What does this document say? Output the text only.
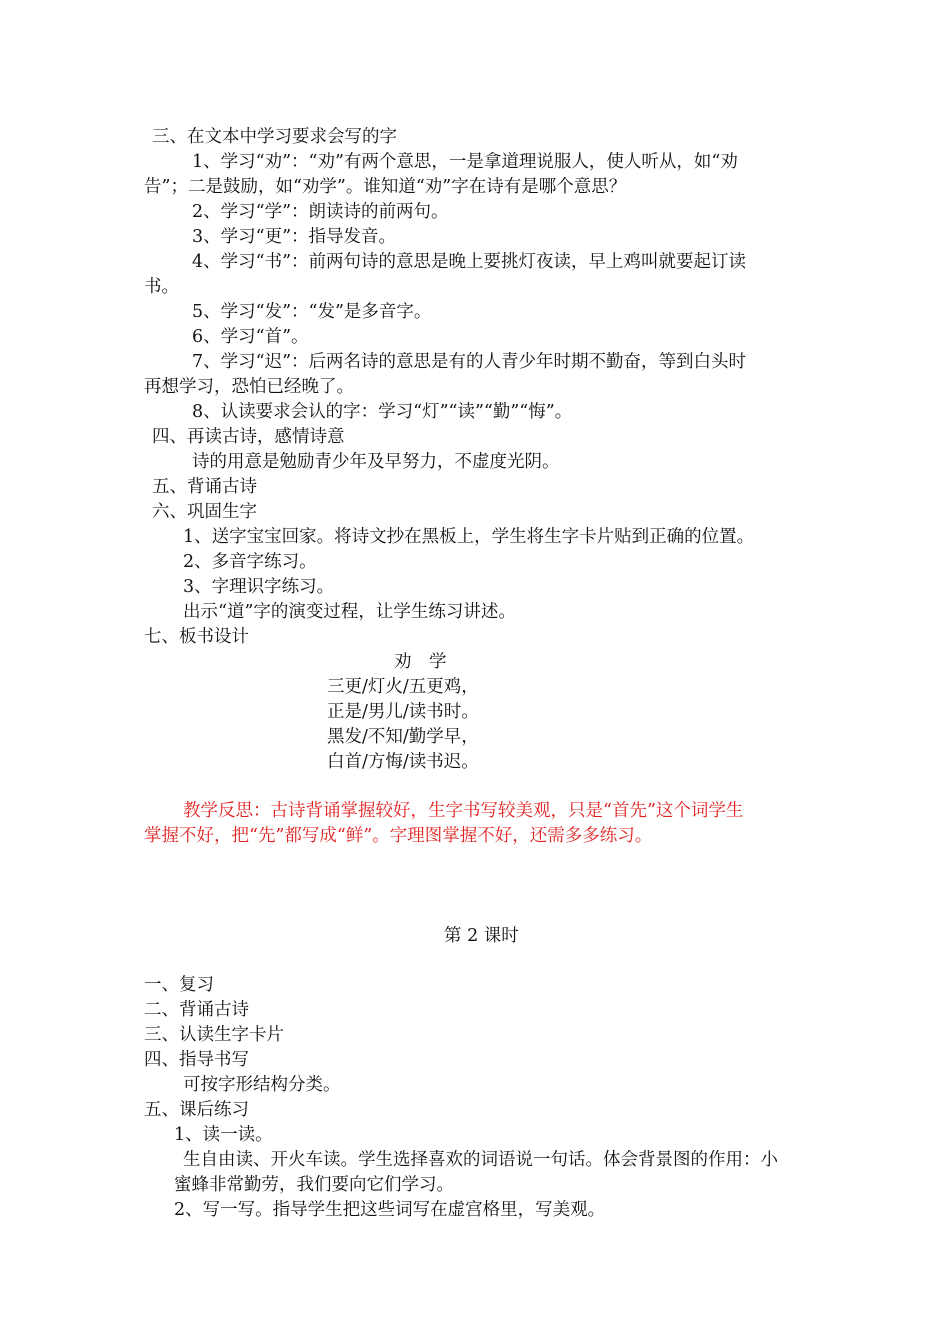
三、在文本中学习要求会写的字
1、学习“劝”：“劝”有两个意思，一是拿道理说服人，使人听从，如“劝
告”；二是鼓励，如“劝学”。谁知道“劝”字在诗有是哪个意思？
2、学习“学”：朗读诗的前两句。
3、学习“更”：指导发音。
4、学习“书”：前两句诗的意思是晚上要挑灯夜读，早上鸡叫就要起订读
书。
5、学习“发”：“发”是多音字。
6、学习“首”。
7、学习“迟”：后两名诗的意思是有的人青少年时期不勤奋，等到白头时
再想学习，恐怕已经晚了。
8、认读要求会认的字：学习“灯”“读”“勤”“悔”。
四、再读古诗，感情诗意
诗的用意是勉励青少年及早努力，不虚度光阴。
五、背诵古诗
六、巩固生字
1、送字宝宝回家。将诗文抄在黑板上，学生将生字卡片贴到正确的位置。
2、多音字练习。
3、字理识字练习。
出示“道”字的演变过程，让学生练习讲述。
七、板书设计
劝　学
三更/灯火/五更鸡，
正是/男儿/读书时。
黑发/不知/勤学早，
白首/方悔/读书迟。
教学反思：古诗背诵掌握较好，生字书写较美观，只是“首先”这个词学生
掌握不好，把“先”都写成“鲜”。字理图掌握不好，还需多多练习。
第 2 课时
一、复习
二、背诵古诗
三、认读生字卡片
四、指导书写
可按字形结构分类。
五、课后练习
1、读一读。
生自由读、开火车读。学生选择喜欢的词语说一句话。体会背景图的作用：小
蜜蜂非常勤劳，我们要向它们学习。
2、写一写。指导学生把这些词写在虚宫格里，写美观。
